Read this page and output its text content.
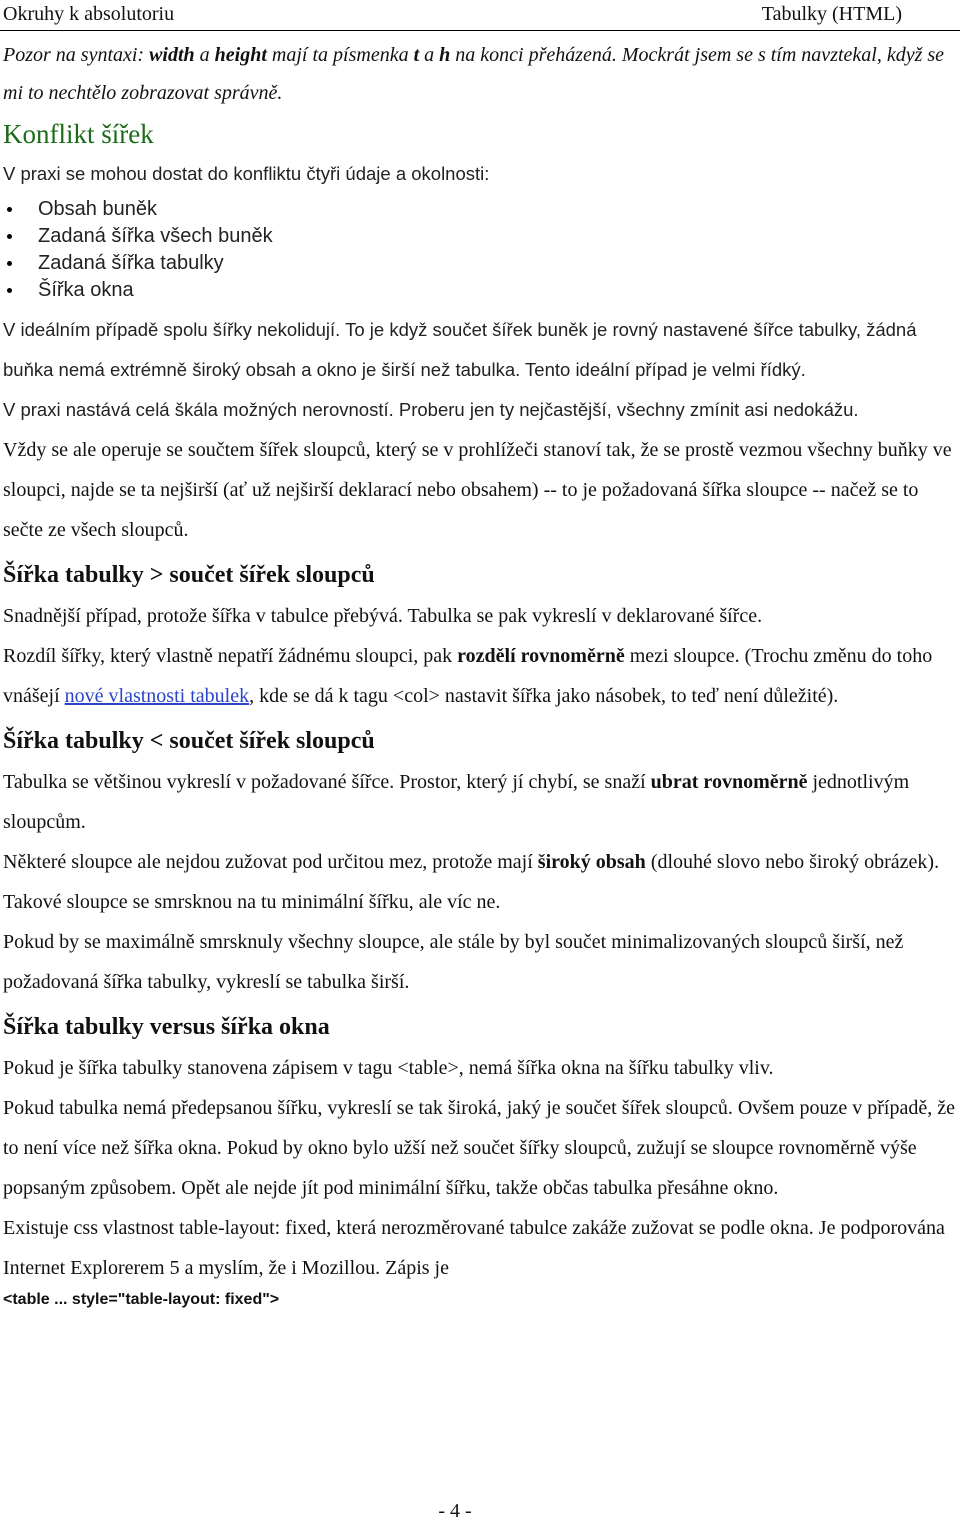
Okruhy k absolutoriu	Tabulky (HTML)

Pozor na syntaxi: width a height mají ta písmenka t a h na konci přeházená. Mockrát jsem se s tím navztekal, když se mi to nechtělo zobrazovat správně.

Konflikt šířek

V praxi se mohou dostat do konfliktu čtyři údaje a okolnosti:

Obsah buněk
Zadaná šířka všech buněk
Zadaná šířka tabulky
Šířka okna

V ideálním případě spolu šířky nekolidují. To je když součet šířek buněk je rovný nastavené šířce tabulky, žádná buňka nemá extrémně široký obsah a okno je širší než tabulka. Tento ideální případ je velmi řídký.

V praxi nastává celá škála možných nerovností. Proberu jen ty nejčastější, všechny zmínit asi nedokážu.

Vždy se ale operuje se součtem šířek sloupců, který se v prohlížeči stanoví tak, že se prostě vezmou všechny buňky ve sloupci, najde se ta nejširší (ať už nejširší deklarací nebo obsahem) -- to je požadovaná šířka sloupce -- načež se to sečte ze všech sloupců.

Šířka tabulky > součet šířek sloupců

Snadnější případ, protože šířka v tabulce přebývá. Tabulka se pak vykreslí v deklarované šířce.

Rozdíl šířky, který vlastně nepatří žádnému sloupci, pak rozdělí rovnoměrně mezi sloupce. (Trochu změnu do toho vnášejí nové vlastnosti tabulek, kde se dá k tagu <col> nastavit šířka jako násobek, to teď není důležité).

Šířka tabulky < součet šířek sloupců

Tabulka se většinou vykreslí v požadované šířce. Prostor, který jí chybí, se snaží ubrat rovnoměrně jednotlivým sloupcům.

Některé sloupce ale nejdou zužovat pod určitou mez, protože mají široký obsah (dlouhé slovo nebo široký obrázek). Takové sloupce se smrsknou na tu minimální šířku, ale víc ne.

Pokud by se maximálně smrsknuly všechny sloupce, ale stále by byl součet minimalizovaných sloupců širší, než požadovaná šířka tabulky, vykreslí se tabulka širší.

Šířka tabulky versus šířka okna

Pokud je šířka tabulky stanovena zápisem v tagu <table>, nemá šířka okna na šířku tabulky vliv.

Pokud tabulka nemá předepsanou šířku, vykreslí se tak široká, jaký je součet šířek sloupců. Ovšem pouze v případě, že to není více než šířka okna. Pokud by okno bylo užší než součet šířky sloupců, zužují se sloupce rovnoměrně výše popsaným způsobem. Opět ale nejde jít pod minimální šířku, takže občas tabulka přesáhne okno.

Existuje css vlastnost table-layout: fixed, která nerozměrované tabulce zakáže zužovat se podle okna. Je podporována Internet Explorerem 5 a myslím, že i Mozillou. Zápis je

<table ... style="table-layout: fixed">

- 4 -
